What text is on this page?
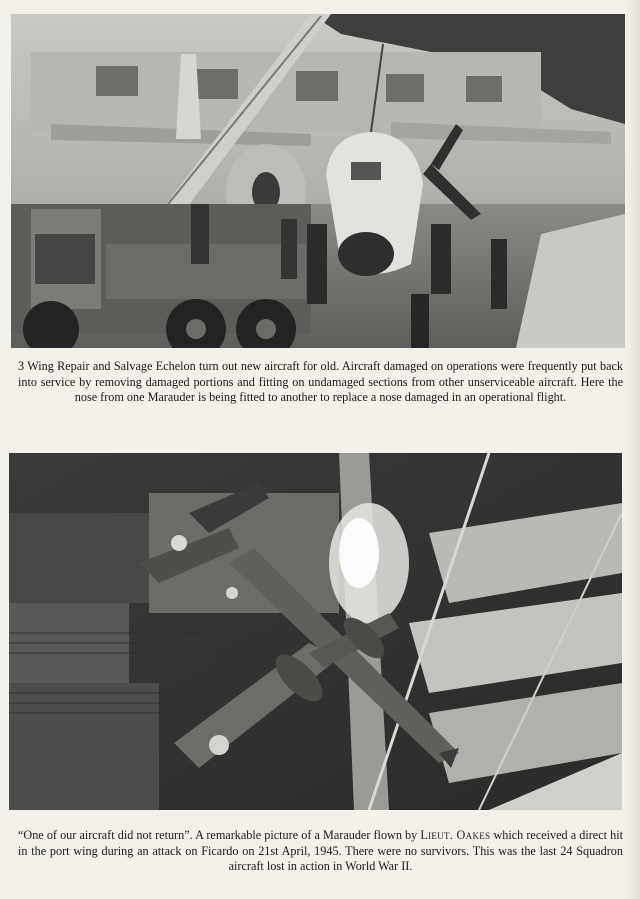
3 Wing Repair and Salvage Echelon turn out new aircraft for old. Aircraft damaged on operations were frequently put back into service by removing damaged portions and fitting on undamaged sections from other unserviceable aircraft. Here the nose from one Marauder is being fitted to another to replace a nose damaged in an operational flight.

“One of our aircraft did not return”. A remarkable picture of a Marauder flown by Lieut. Oakes which received a direct hit in the port wing during an attack on Ficardo on 21st April, 1945. There were no survivors. This was the last 24 Squadron aircraft lost in action in World War II.
